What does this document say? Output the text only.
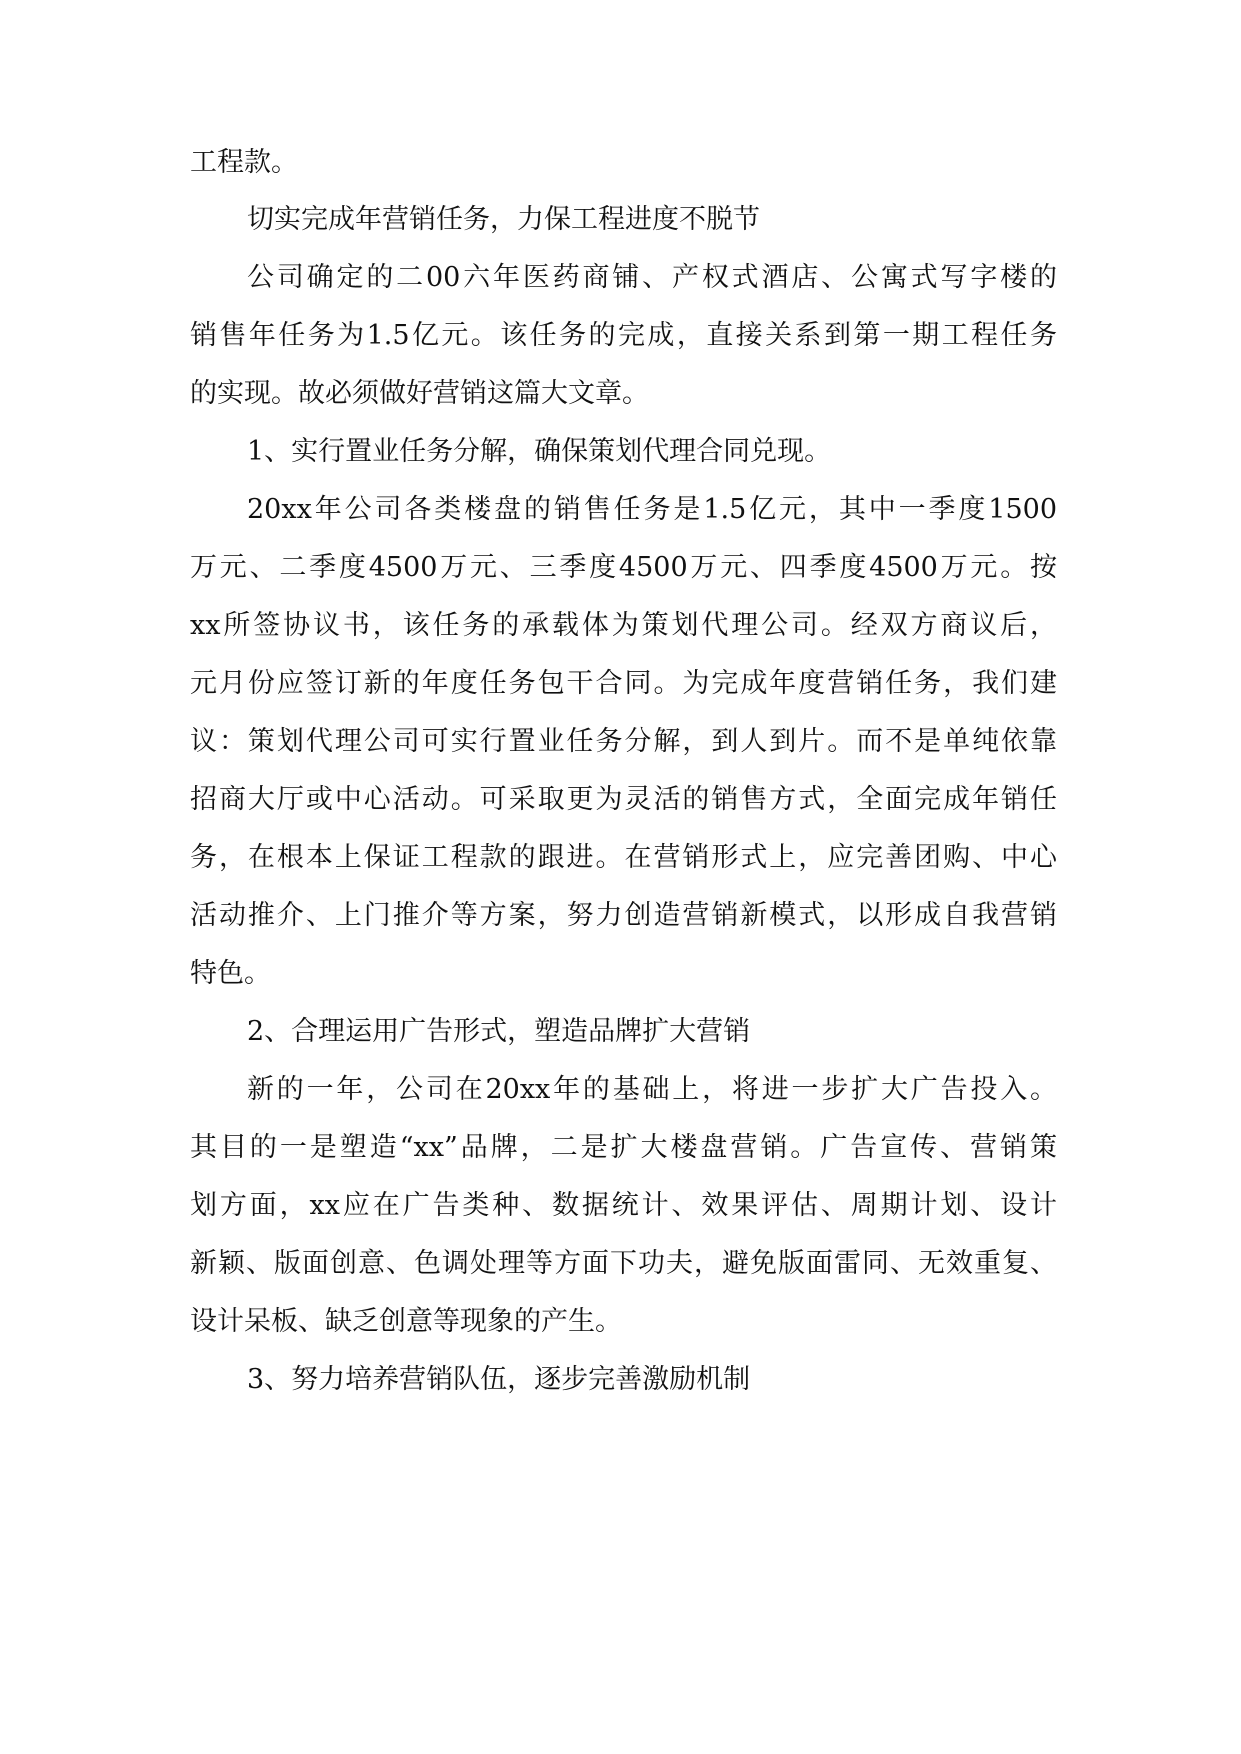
工程款。
切实完成年营销任务，力保工程进度不脱节
公司确定的二00六年医药商铺、产权式酒店、公寓式写字楼的
销售年任务为1.5亿元。该任务的完成，直接关系到第一期工程任务
的实现。故必须做好营销这篇大文章。
1、实行置业任务分解，确保策划代理合同兑现。
20xx年公司各类楼盘的销售任务是1.5亿元，其中一季度1500
万元、二季度4500万元、三季度4500万元、四季度4500万元。按
xx所签协议书，该任务的承载体为策划代理公司。经双方商议后，
元月份应签订新的年度任务包干合同。为完成年度营销任务，我们建
议：策划代理公司可实行置业任务分解，到人到片。而不是单纯依靠
招商大厅或中心活动。可采取更为灵活的销售方式，全面完成年销任
务，在根本上保证工程款的跟进。在营销形式上，应完善团购、中心
活动推介、上门推介等方案，努力创造营销新模式，以形成自我营销
特色。
2、合理运用广告形式，塑造品牌扩大营销
新的一年，公司在20xx年的基础上，将进一步扩大广告投入。
其目的一是塑造“xx”品牌，二是扩大楼盘营销。广告宣传、营销策
划方面，xx应在广告类种、数据统计、效果评估、周期计划、设计
新颖、版面创意、色调处理等方面下功夫，避免版面雷同、无效重复、
设计呆板、缺乏创意等现象的产生。
3、努力培养营销队伍，逐步完善激励机制
